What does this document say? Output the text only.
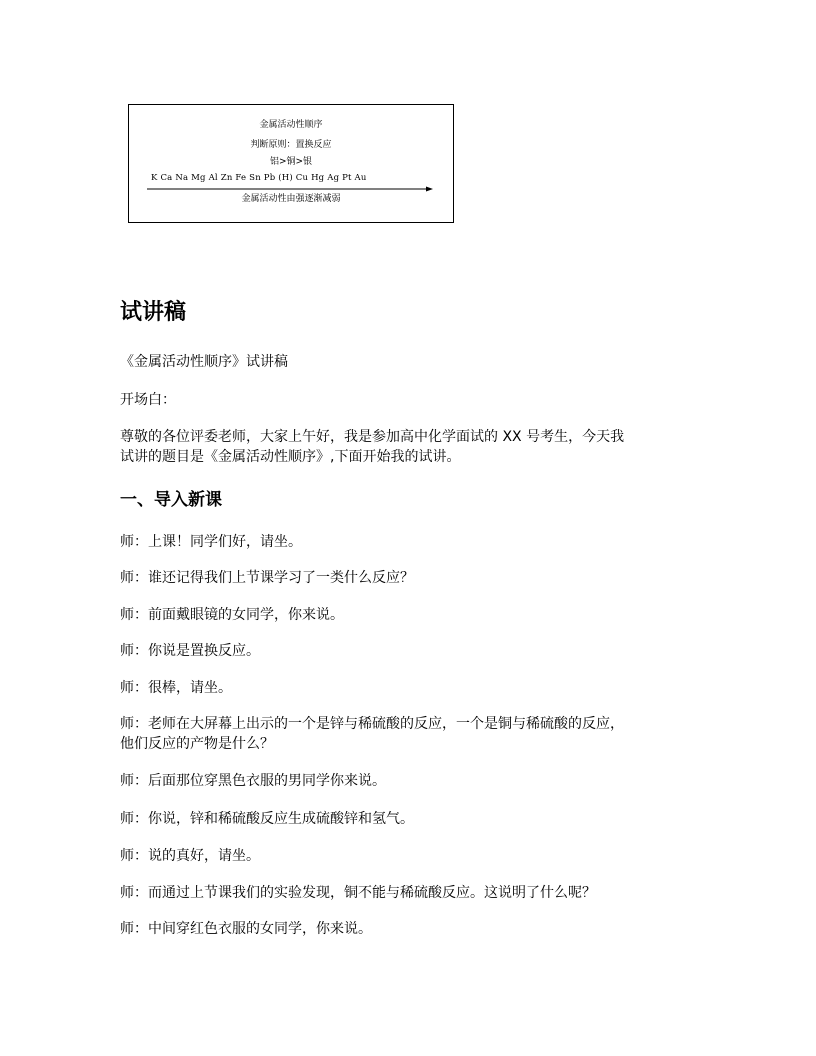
金属活动性顺序
判断原则：置换反应
铝>铜>银
K Ca Na Mg Al Zn Fe Sn Pb (H) Cu Hg Ag Pt Au
金属活动性由强逐渐减弱
试讲稿
《金属活动性顺序》试讲稿
开场白：
尊敬的各位评委老师，大家上午好，我是参加高中化学面试的 XX 号考生，今天我
试讲的题目是《金属活动性顺序》,下面开始我的试讲。
一、导入新课
师：上课！同学们好，请坐。
师：谁还记得我们上节课学习了一类什么反应？
师：前面戴眼镜的女同学，你来说。
师：你说是置换反应。
师：很棒，请坐。
师：老师在大屏幕上出示的一个是锌与稀硫酸的反应，一个是铜与稀硫酸的反应，
他们反应的产物是什么？
师：后面那位穿黑色衣服的男同学你来说。
师：你说，锌和稀硫酸反应生成硫酸锌和氢气。
师：说的真好，请坐。
师：而通过上节课我们的实验发现，铜不能与稀硫酸反应。这说明了什么呢？
师：中间穿红色衣服的女同学，你来说。
